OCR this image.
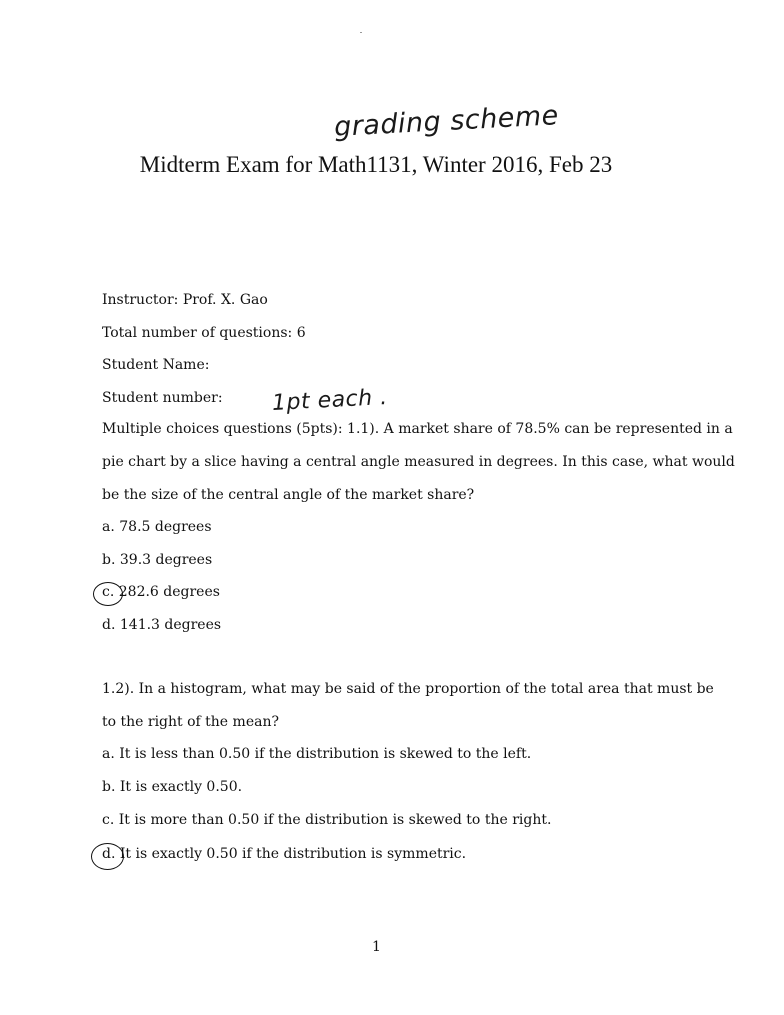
grading scheme
Midterm Exam for Math1131, Winter 2016, Feb 23
Instructor: Prof. X. Gao
Total number of questions: 6
Student Name:
Student number: 1pt each .
Multiple choices questions (5pts): 1.1). A market share of 78.5% can be represented in a
pie chart by a slice having a central angle measured in degrees. In this case, what would
be the size of the central angle of the market share?
a. 78.5 degrees
b. 39.3 degrees
c. 282.6 degrees
d. 141.3 degrees
1.2). In a histogram, what may be said of the proportion of the total area that must be
to the right of the mean?
a. It is less than 0.50 if the distribution is skewed to the left.
b. It is exactly 0.50.
c. It is more than 0.50 if the distribution is skewed to the right.
d. It is exactly 0.50 if the distribution is symmetric.
1
